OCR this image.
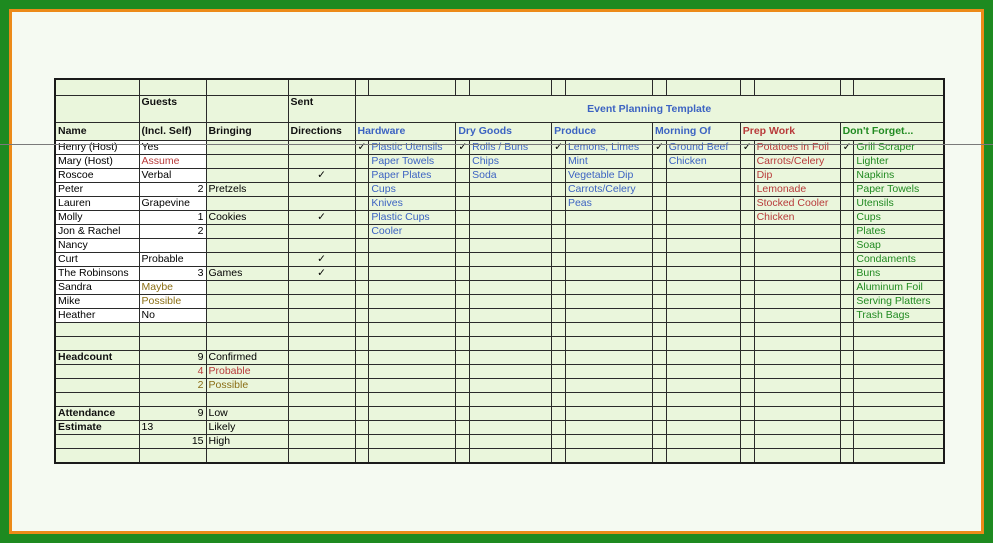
	Guests		Sent	Event Planning Template											
Name	(Incl. Self)	Bringing	Directions	Hardware		Dry Goods		Produce		Morning Of		Prep Work		Don't Forget...	
Henry (Host)	Yes			✓	Plastic Utensils	✓	Rolls / Buns	✓	Lemons, Limes	✓	Ground Beef	✓	Potatoes in Foil	✓	Grill Scraper
Mary (Host)	Assume				Paper Towels		Chips		Mint		Chicken		Carrots/Celery		Lighter
Roscoe	Verbal		✓		Paper Plates		Soda		Vegetable Dip				Dip		Napkins
Peter	2	Pretzels			Cups				Carrots/Celery				Lemonade		Paper Towels
Lauren	Grapevine				Knives				Peas				Stocked Cooler		Utensils
Molly	1	Cookies	✓		Plastic Cups								Chicken		Cups
Jon & Rachel	2				Cooler										Plates
Nancy															Soap
Curt	Probable		✓												Condaments
The Robinsons	3	Games	✓												Buns
Sandra	Maybe														Aluminum Foil
Mike	Possible														Serving Platters
Heather	No														Trash Bags

Headcount	9	Confirmed													
	4	Probable													
	2	Possible													

Attendance	9	Low													
Estimate	13	Likely													
	15	High													
